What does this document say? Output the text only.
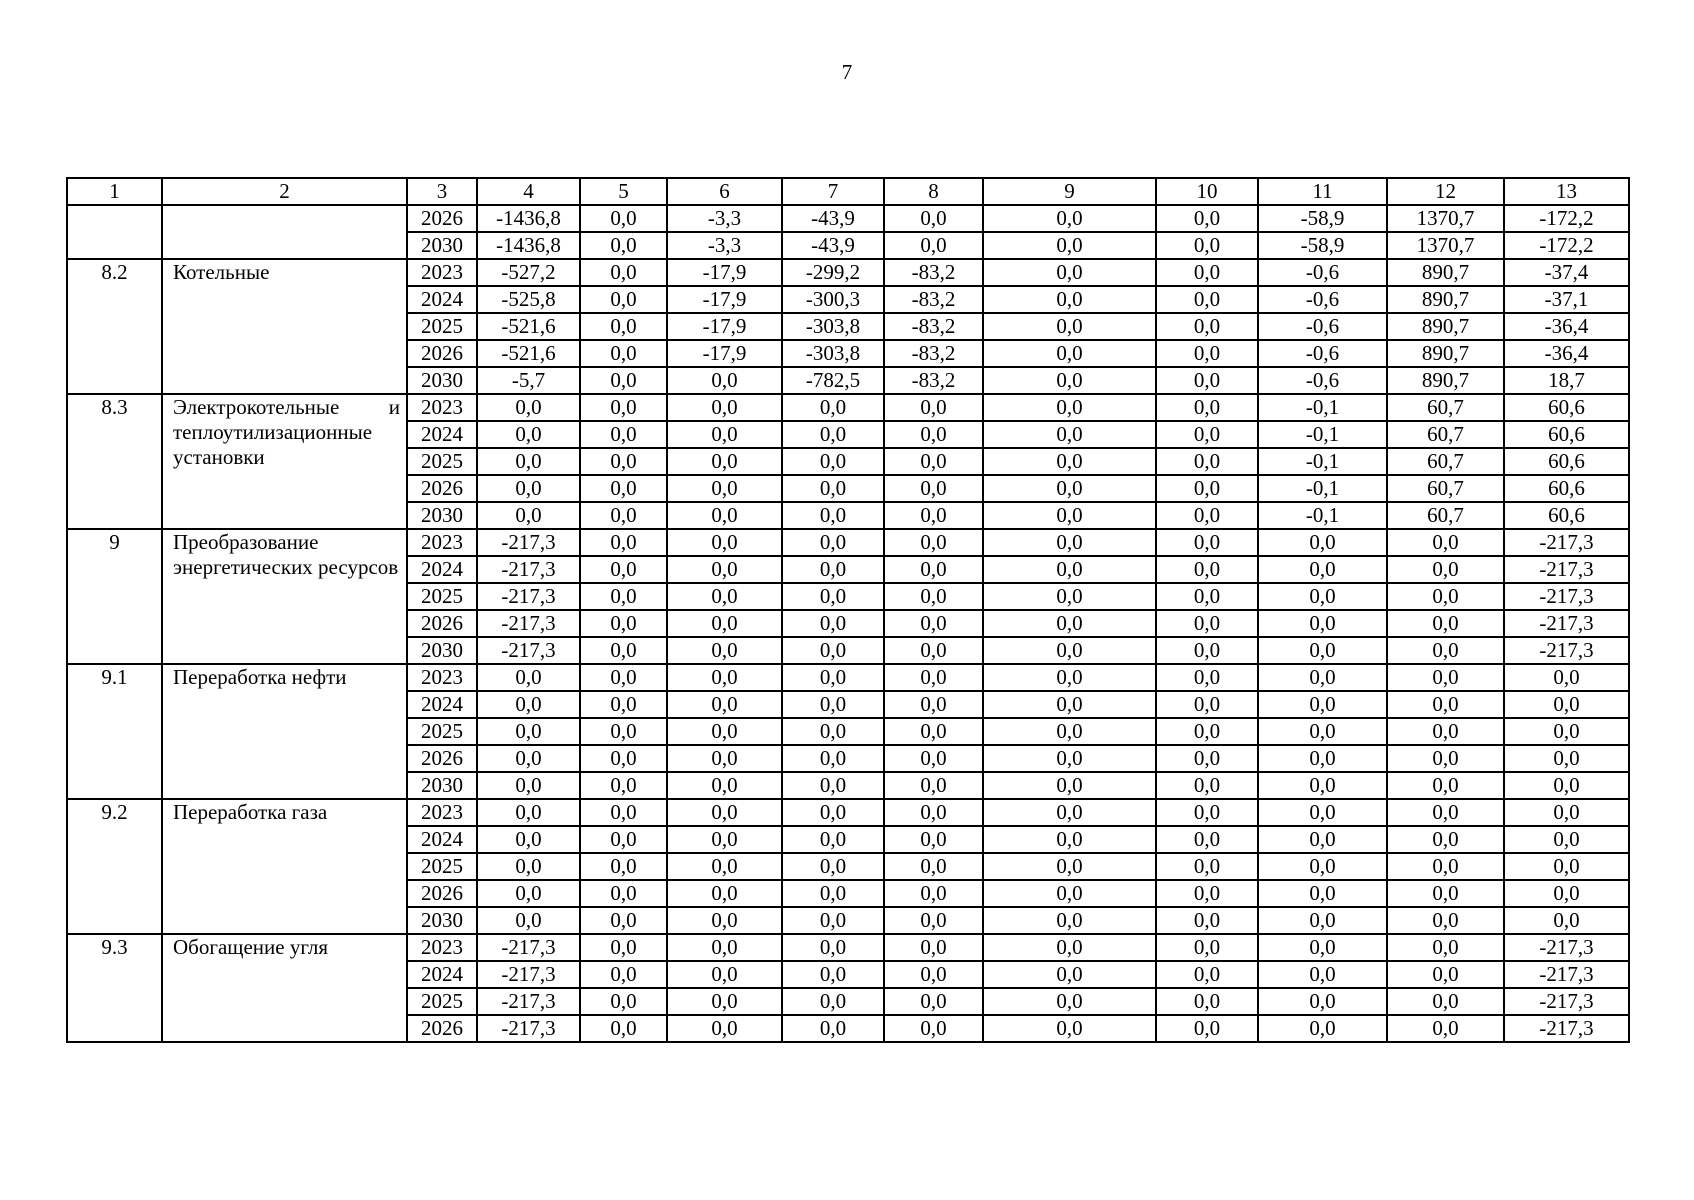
7
1	2	3	4	5	6	7	8	9	10	11	12	13
		2026	-1436,8	0,0	-3,3	-43,9	0,0	0,0	0,0	-58,9	1370,7	-172,2
		2030	-1436,8	0,0	-3,3	-43,9	0,0	0,0	0,0	-58,9	1370,7	-172,2
8.2	Котельные	2023	-527,2	0,0	-17,9	-299,2	-83,2	0,0	0,0	-0,6	890,7	-37,4
		2024	-525,8	0,0	-17,9	-300,3	-83,2	0,0	0,0	-0,6	890,7	-37,1
		2025	-521,6	0,0	-17,9	-303,8	-83,2	0,0	0,0	-0,6	890,7	-36,4
		2026	-521,6	0,0	-17,9	-303,8	-83,2	0,0	0,0	-0,6	890,7	-36,4
		2030	-5,7	0,0	0,0	-782,5	-83,2	0,0	0,0	-0,6	890,7	18,7
8.3	Электрокотельные и теплоутилизационные установки	2023	0,0	0,0	0,0	0,0	0,0	0,0	0,0	-0,1	60,7	60,6
		2024	0,0	0,0	0,0	0,0	0,0	0,0	0,0	-0,1	60,7	60,6
		2025	0,0	0,0	0,0	0,0	0,0	0,0	0,0	-0,1	60,7	60,6
		2026	0,0	0,0	0,0	0,0	0,0	0,0	0,0	-0,1	60,7	60,6
		2030	0,0	0,0	0,0	0,0	0,0	0,0	0,0	-0,1	60,7	60,6
9	Преобразование энергетических ресурсов	2023	-217,3	0,0	0,0	0,0	0,0	0,0	0,0	0,0	0,0	-217,3
		2024	-217,3	0,0	0,0	0,0	0,0	0,0	0,0	0,0	0,0	-217,3
		2025	-217,3	0,0	0,0	0,0	0,0	0,0	0,0	0,0	0,0	-217,3
		2026	-217,3	0,0	0,0	0,0	0,0	0,0	0,0	0,0	0,0	-217,3
		2030	-217,3	0,0	0,0	0,0	0,0	0,0	0,0	0,0	0,0	-217,3
9.1	Переработка нефти	2023	0,0	0,0	0,0	0,0	0,0	0,0	0,0	0,0	0,0	0,0
		2024	0,0	0,0	0,0	0,0	0,0	0,0	0,0	0,0	0,0	0,0
		2025	0,0	0,0	0,0	0,0	0,0	0,0	0,0	0,0	0,0	0,0
		2026	0,0	0,0	0,0	0,0	0,0	0,0	0,0	0,0	0,0	0,0
		2030	0,0	0,0	0,0	0,0	0,0	0,0	0,0	0,0	0,0	0,0
9.2	Переработка газа	2023	0,0	0,0	0,0	0,0	0,0	0,0	0,0	0,0	0,0	0,0
		2024	0,0	0,0	0,0	0,0	0,0	0,0	0,0	0,0	0,0	0,0
		2025	0,0	0,0	0,0	0,0	0,0	0,0	0,0	0,0	0,0	0,0
		2026	0,0	0,0	0,0	0,0	0,0	0,0	0,0	0,0	0,0	0,0
		2030	0,0	0,0	0,0	0,0	0,0	0,0	0,0	0,0	0,0	0,0
9.3	Обогащение угля	2023	-217,3	0,0	0,0	0,0	0,0	0,0	0,0	0,0	0,0	-217,3
		2024	-217,3	0,0	0,0	0,0	0,0	0,0	0,0	0,0	0,0	-217,3
		2025	-217,3	0,0	0,0	0,0	0,0	0,0	0,0	0,0	0,0	-217,3
		2026	-217,3	0,0	0,0	0,0	0,0	0,0	0,0	0,0	0,0	-217,3
